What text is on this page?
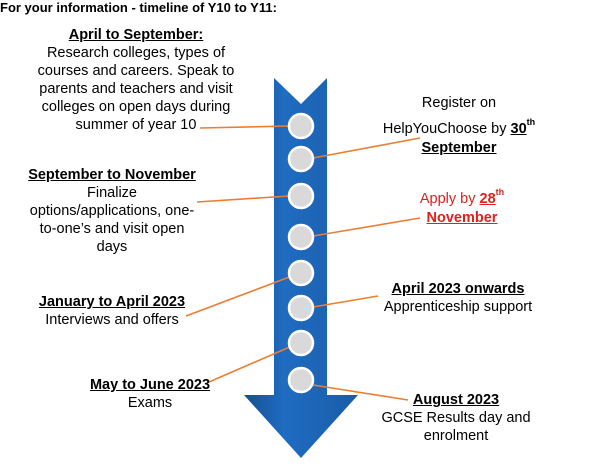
For your information - timeline of Y10 to Y11:
April to September:
Research colleges, types of
courses and careers. Speak to
parents and teachers and visit
colleges on open days during
summer of year 10
September to November
Finalize
options/applications, one-
to-one’s and visit open
days
January to April 2023
Interviews and offers
May to June 2023
Exams
Register on
HelpYouChoose by 30th
September
Apply by 28th
November
April 2023 onwards
Apprenticeship support
August 2023
GCSE Results day and
enrolment
